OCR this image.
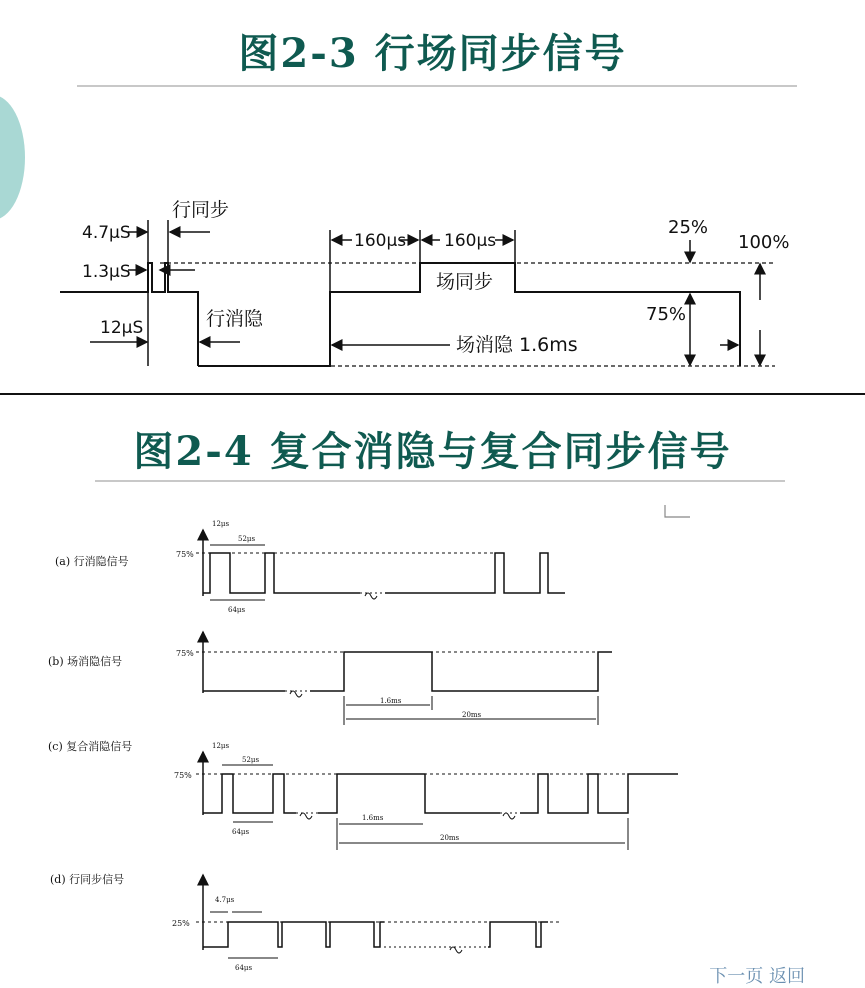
图2-3 行场同步信号
图2-4 复合消隐与复合同步信号
行同步
4.7μS
1.3μS
12μS	行消隐
160μs 160μs
场同步
25%
100%
75%
场消隐 1.6ms
(a) 行消隐信号
75%
12μs
52μs
64μs
(b) 场消隐信号
75%
1.6ms
20ms
(c) 复合消隐信号
75%
12μs
52μs
64μs
1.6ms
20ms
(d) 行同步信号
25%
4.7μs
64μs	下一页 返回
